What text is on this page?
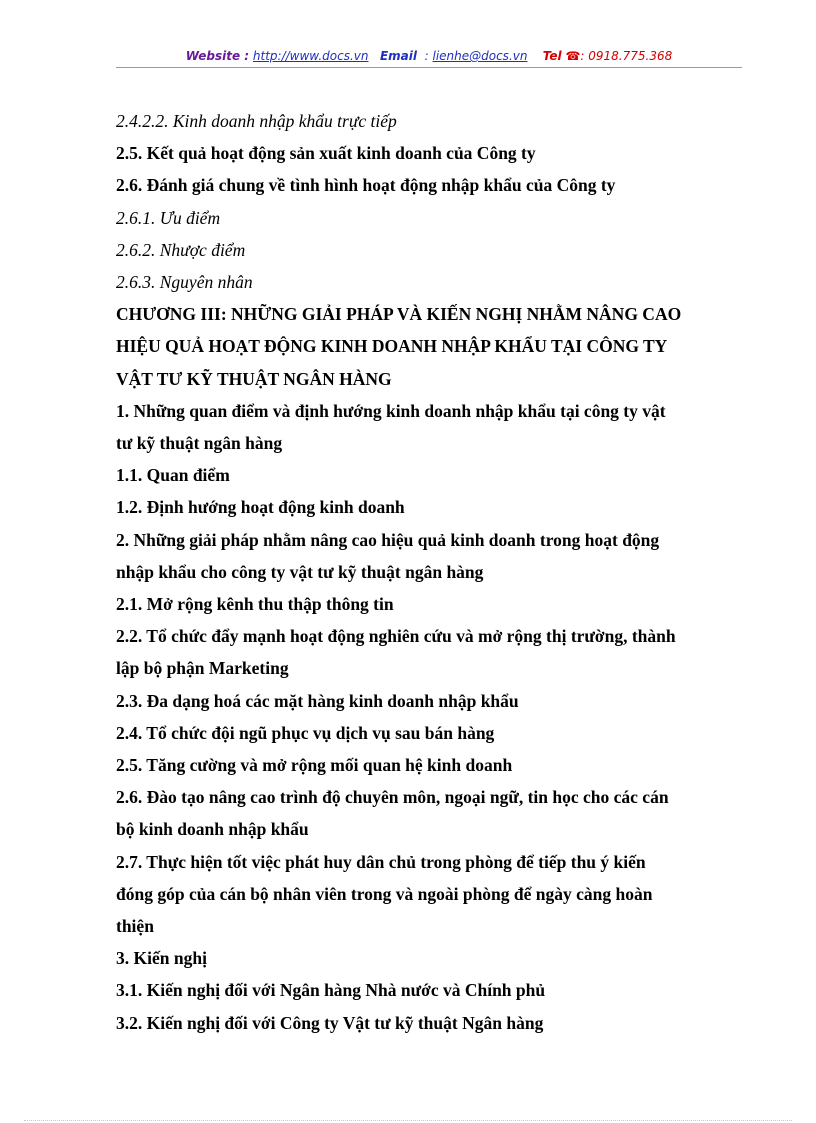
Website : http://www.docs.vn Email : lienhe@docs.vn Tel ☎: 0918.775.368

2.4.2.2. Kinh doanh nhập khẩu trực tiếp

2.5. Kết quả hoạt động sản xuất kinh doanh của Công ty

2.6. Đánh giá chung về tình hình hoạt động nhập khẩu của Công ty

2.6.1. Ưu điểm

2.6.2. Nhược điểm

2.6.3. Nguyên nhân

CHƯƠNG III: NHỮNG GIẢI PHÁP VÀ KIẾN NGHỊ NHẰM NÂNG CAO

HIỆU QUẢ HOẠT ĐỘNG KINH DOANH NHẬP KHẨU TẠI CÔNG TY

VẬT TƯ KỸ THUẬT NGÂN HÀNG

1. Những quan điểm và định hướng kinh doanh nhập khẩu tại công ty vật

tư kỹ thuật ngân hàng

1.1. Quan điểm

1.2. Định hướng hoạt động kinh doanh

2. Những giải pháp nhằm nâng cao hiệu quả kinh doanh trong hoạt động

nhập khẩu cho công ty vật tư kỹ thuật ngân hàng

2.1. Mở rộng kênh thu thập thông tin

2.2. Tổ chức đẩy mạnh hoạt động nghiên cứu và mở rộng thị trường, thành

lập bộ phận Marketing

2.3. Đa dạng hoá các mặt hàng kinh doanh nhập khẩu

2.4. Tổ chức đội ngũ phục vụ dịch vụ sau bán hàng

2.5. Tăng cường và mở rộng mối quan hệ kinh doanh

2.6. Đào tạo nâng cao trình độ chuyên môn, ngoại ngữ, tin học cho các cán

bộ kinh doanh nhập khẩu

2.7. Thực hiện tốt việc phát huy dân chủ trong phòng để tiếp thu ý kiến

đóng góp của cán bộ nhân viên trong và ngoài phòng để ngày càng hoàn

thiện

3. Kiến nghị

3.1. Kiến nghị đối với Ngân hàng Nhà nước và Chính phủ

3.2. Kiến nghị đối với Công ty Vật tư kỹ thuật Ngân hàng
